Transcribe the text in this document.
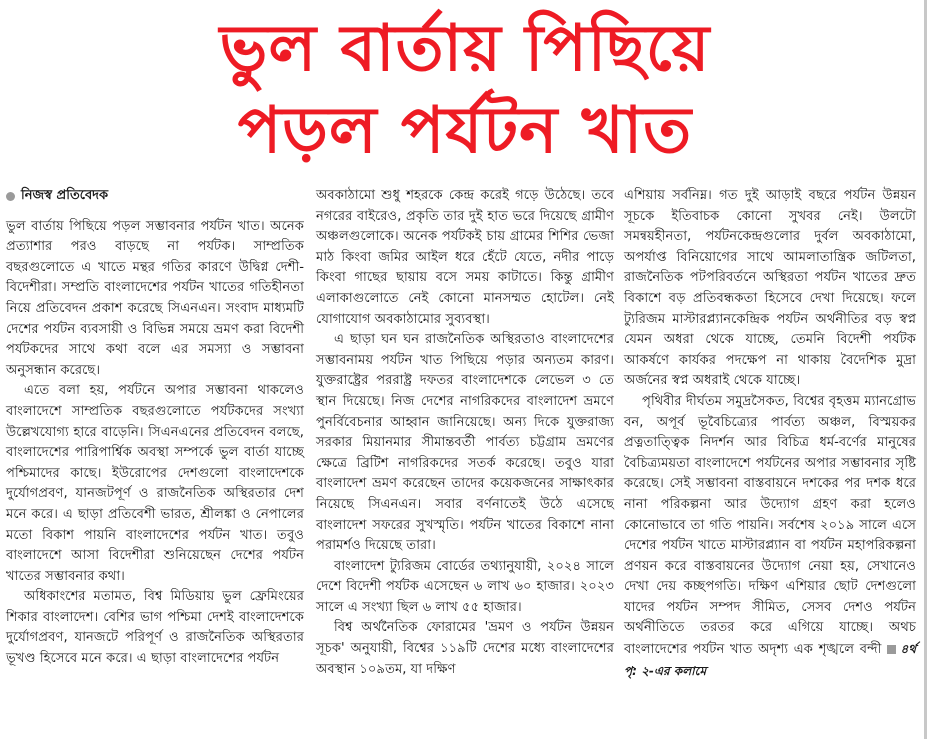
ভুল বার্তায় পিছিয়ে
পড়ল পর্যটন খাত
নিজস্ব প্রতিবেদক

ভুল বার্তায় পিছিয়ে পড়ল সম্ভাবনার পর্যটন খাত। অনেক প্রত্যাশার পরও বাড়ছে না পর্যটক। সাম্প্রতিক বছরগুলোতে এ খাতে মন্থর গতির কারণে উদ্বিগ্ন দেশী-বিদেশীরা। সম্প্রতি বাংলাদেশের পর্যটন খাতের গতিহীনতা নিয়ে প্রতিবেদন প্রকাশ করেছে সিএনএন। সংবাদ মাধ্যমটি দেশের পর্যটন ব্যবসায়ী ও বিভিন্ন সময়ে ভ্রমণ করা বিদেশী পর্যটকদের সাথে কথা বলে এর সমস্যা ও সম্ভাবনা অনুসন্ধান করেছে।

এতে বলা হয়, পর্যটনে অপার সম্ভাবনা থাকলেও বাংলাদেশে সাম্প্রতিক বছরগুলোতে পর্যটকদের সংখ্যা উল্লেখযোগ্য হারে বাড়েনি। সিএনএনের প্রতিবেদন বলছে, বাংলাদেশের পারিপার্শ্বিক অবস্থা সম্পর্কে ভুল বার্তা যাচ্ছে পশ্চিমাদের কাছে। ইউরোপের দেশগুলো বাংলাদেশকে দুর্যোগপ্রবণ, যানজটপূর্ণ ও রাজনৈতিক অস্থিরতার দেশ মনে করে। এ ছাড়া প্রতিবেশী ভারত, শ্রীলঙ্কা ও নেপালের মতো বিকাশ পায়নি বাংলাদেশের পর্যটন খাত। তবুও বাংলাদেশে আসা বিদেশীরা শুনিয়েছেন দেশের পর্যটন খাতের সম্ভাবনার কথা।

অধিকাংশের মতামত, বিশ্ব মিডিয়ায় ভুল ফ্রেমিংয়ের শিকার বাংলাদেশ। বেশির ভাগ পশ্চিমা দেশই বাংলাদেশকে দুর্যোগপ্রবণ, যানজটে পরিপূর্ণ ও রাজনৈতিক অস্থিরতার ভূখণ্ড হিসেবে মনে করে। এ ছাড়া বাংলাদেশের পর্যটন

অবকাঠামো শুধু শহরকে কেন্দ্র করেই গড়ে উঠেছে। তবে নগরের বাইরেও, প্রকৃতি তার দুই হাত ভরে দিয়েছে গ্রামীণ অঞ্চলগুলোকে। অনেক পর্যটকই চায় গ্রামের শিশির ভেজা মাঠ কিংবা জমির আইল ধরে হেঁটে যেতে, নদীর পাড়ে কিংবা গাছের ছায়ায় বসে সময় কাটাতে। কিন্তু গ্রামীণ এলাকাগুলোতে নেই কোনো মানসম্মত হোটেল। নেই যোগাযোগ অবকাঠামোর সুব্যবস্থা।

এ ছাড়া ঘন ঘন রাজনৈতিক অস্থিরতাও বাংলাদেশের সম্ভাবনাময় পর্যটন খাত পিছিয়ে পড়ার অন্যতম কারণ। যুক্তরাষ্ট্রের পররাষ্ট্র দফতর বাংলাদেশকে লেভেল ৩ তে স্থান দিয়েছে। নিজ দেশের নাগরিকদের বাংলাদেশ ভ্রমণে পুনর্বিবেচনার আহ্বান জানিয়েছে। অন্য দিকে যুক্তরাজ্য সরকার মিয়ানমার সীমান্তবর্তী পার্বত্য চট্টগ্রাম ভ্রমণের ক্ষেত্রে ব্রিটিশ নাগরিকদের সতর্ক করেছে। তবুও যারা বাংলাদেশ ভ্রমণ করেছেন তাদের কয়েকজনের সাক্ষাৎকার নিয়েছে সিএনএন। সবার বর্ণনাতেই উঠে এসেছে বাংলাদেশ সফরের সুখস্মৃতি। পর্যটন খাতের বিকাশে নানা পরামর্শও দিয়েছে তারা।

বাংলাদেশ ট্যুরিজম বোর্ডের তথ্যানুযায়ী, ২০২৪ সালে দেশে বিদেশী পর্যটক এসেছেন ৬ লাখ ৬০ হাজার। ২০২৩ সালে এ সংখ্যা ছিল ৬ লাখ ৫৫ হাজার।

বিশ্ব অর্থনৈতিক ফোরামের 'ভ্রমণ ও পর্যটন উন্নয়ন সূচক' অনুযায়ী, বিশ্বের ১১৯টি দেশের মধ্যে বাংলাদেশের অবস্থান ১০৯তম, যা দক্ষিণ

এশিয়ায় সর্বনিম্ন। গত দুই আড়াই বছরে পর্যটন উন্নয়ন সূচকে ইতিবাচক কোনো সুখবর নেই। উলটো সমন্বয়হীনতা, পর্যটনকেন্দ্রগুলোর দুর্বল অবকাঠামো, অপর্যাপ্ত বিনিয়োগের সাথে আমলাতান্ত্রিক জটিলতা, রাজনৈতিক পটপরিবর্তনে অস্থিরতা পর্যটন খাতের দ্রুত বিকাশে বড় প্রতিবন্ধকতা হিসেবে দেখা দিয়েছে। ফলে ট্যুরিজম মাস্টারপ্ল্যানকেন্দ্রিক পর্যটন অর্থনীতির বড় স্বপ্ন যেমন অধরা থেকে যাচ্ছে, তেমনি বিদেশী পর্যটক আকর্ষণে কার্যকর পদক্ষেপ না থাকায় বৈদেশিক মুদ্রা অর্জনের স্বপ্ন অধরাই থেকে যাচ্ছে।

পৃথিবীর দীর্ঘতম সমুদ্রসৈকত, বিশ্বের বৃহত্তম ম্যানগ্রোভ বন, অপূর্ব ভূবৈচিত্র্যের পার্বত্য অঞ্চল, বিস্ময়কর প্রত্নতাত্ত্বিক নিদর্শন আর বিচিত্র ধর্ম-বর্ণের মানুষের বৈচিত্র্যময়তা বাংলাদেশে পর্যটনের অপার সম্ভাবনার সৃষ্টি করেছে। সেই সম্ভাবনা বাস্তবায়নে দশকের পর দশক ধরে নানা পরিকল্পনা আর উদ্যোগ গ্রহণ করা হলেও কোনোভাবে তা গতি পায়নি। সর্বশেষ ২০১৯ সালে এসে দেশের পর্যটন খাতে মাস্টারপ্ল্যান বা পর্যটন মহাপরিকল্পনা প্রণয়ন করে বাস্তবায়নের উদ্যোগ নেয়া হয়, সেখানেও দেখা দেয় কচ্ছপগতি। দক্ষিণ এশিয়ার ছোট দেশগুলো যাদের পর্যটন সম্পদ সীমিত, সেসব দেশও পর্যটন অর্থনীতিতে তরতর করে এগিয়ে যাচ্ছে। অথচ বাংলাদেশের পর্যটন খাত অদৃশ্য এক শৃঙ্খলে বন্দী ৪র্থ পৃ: ২-এর কলামে
